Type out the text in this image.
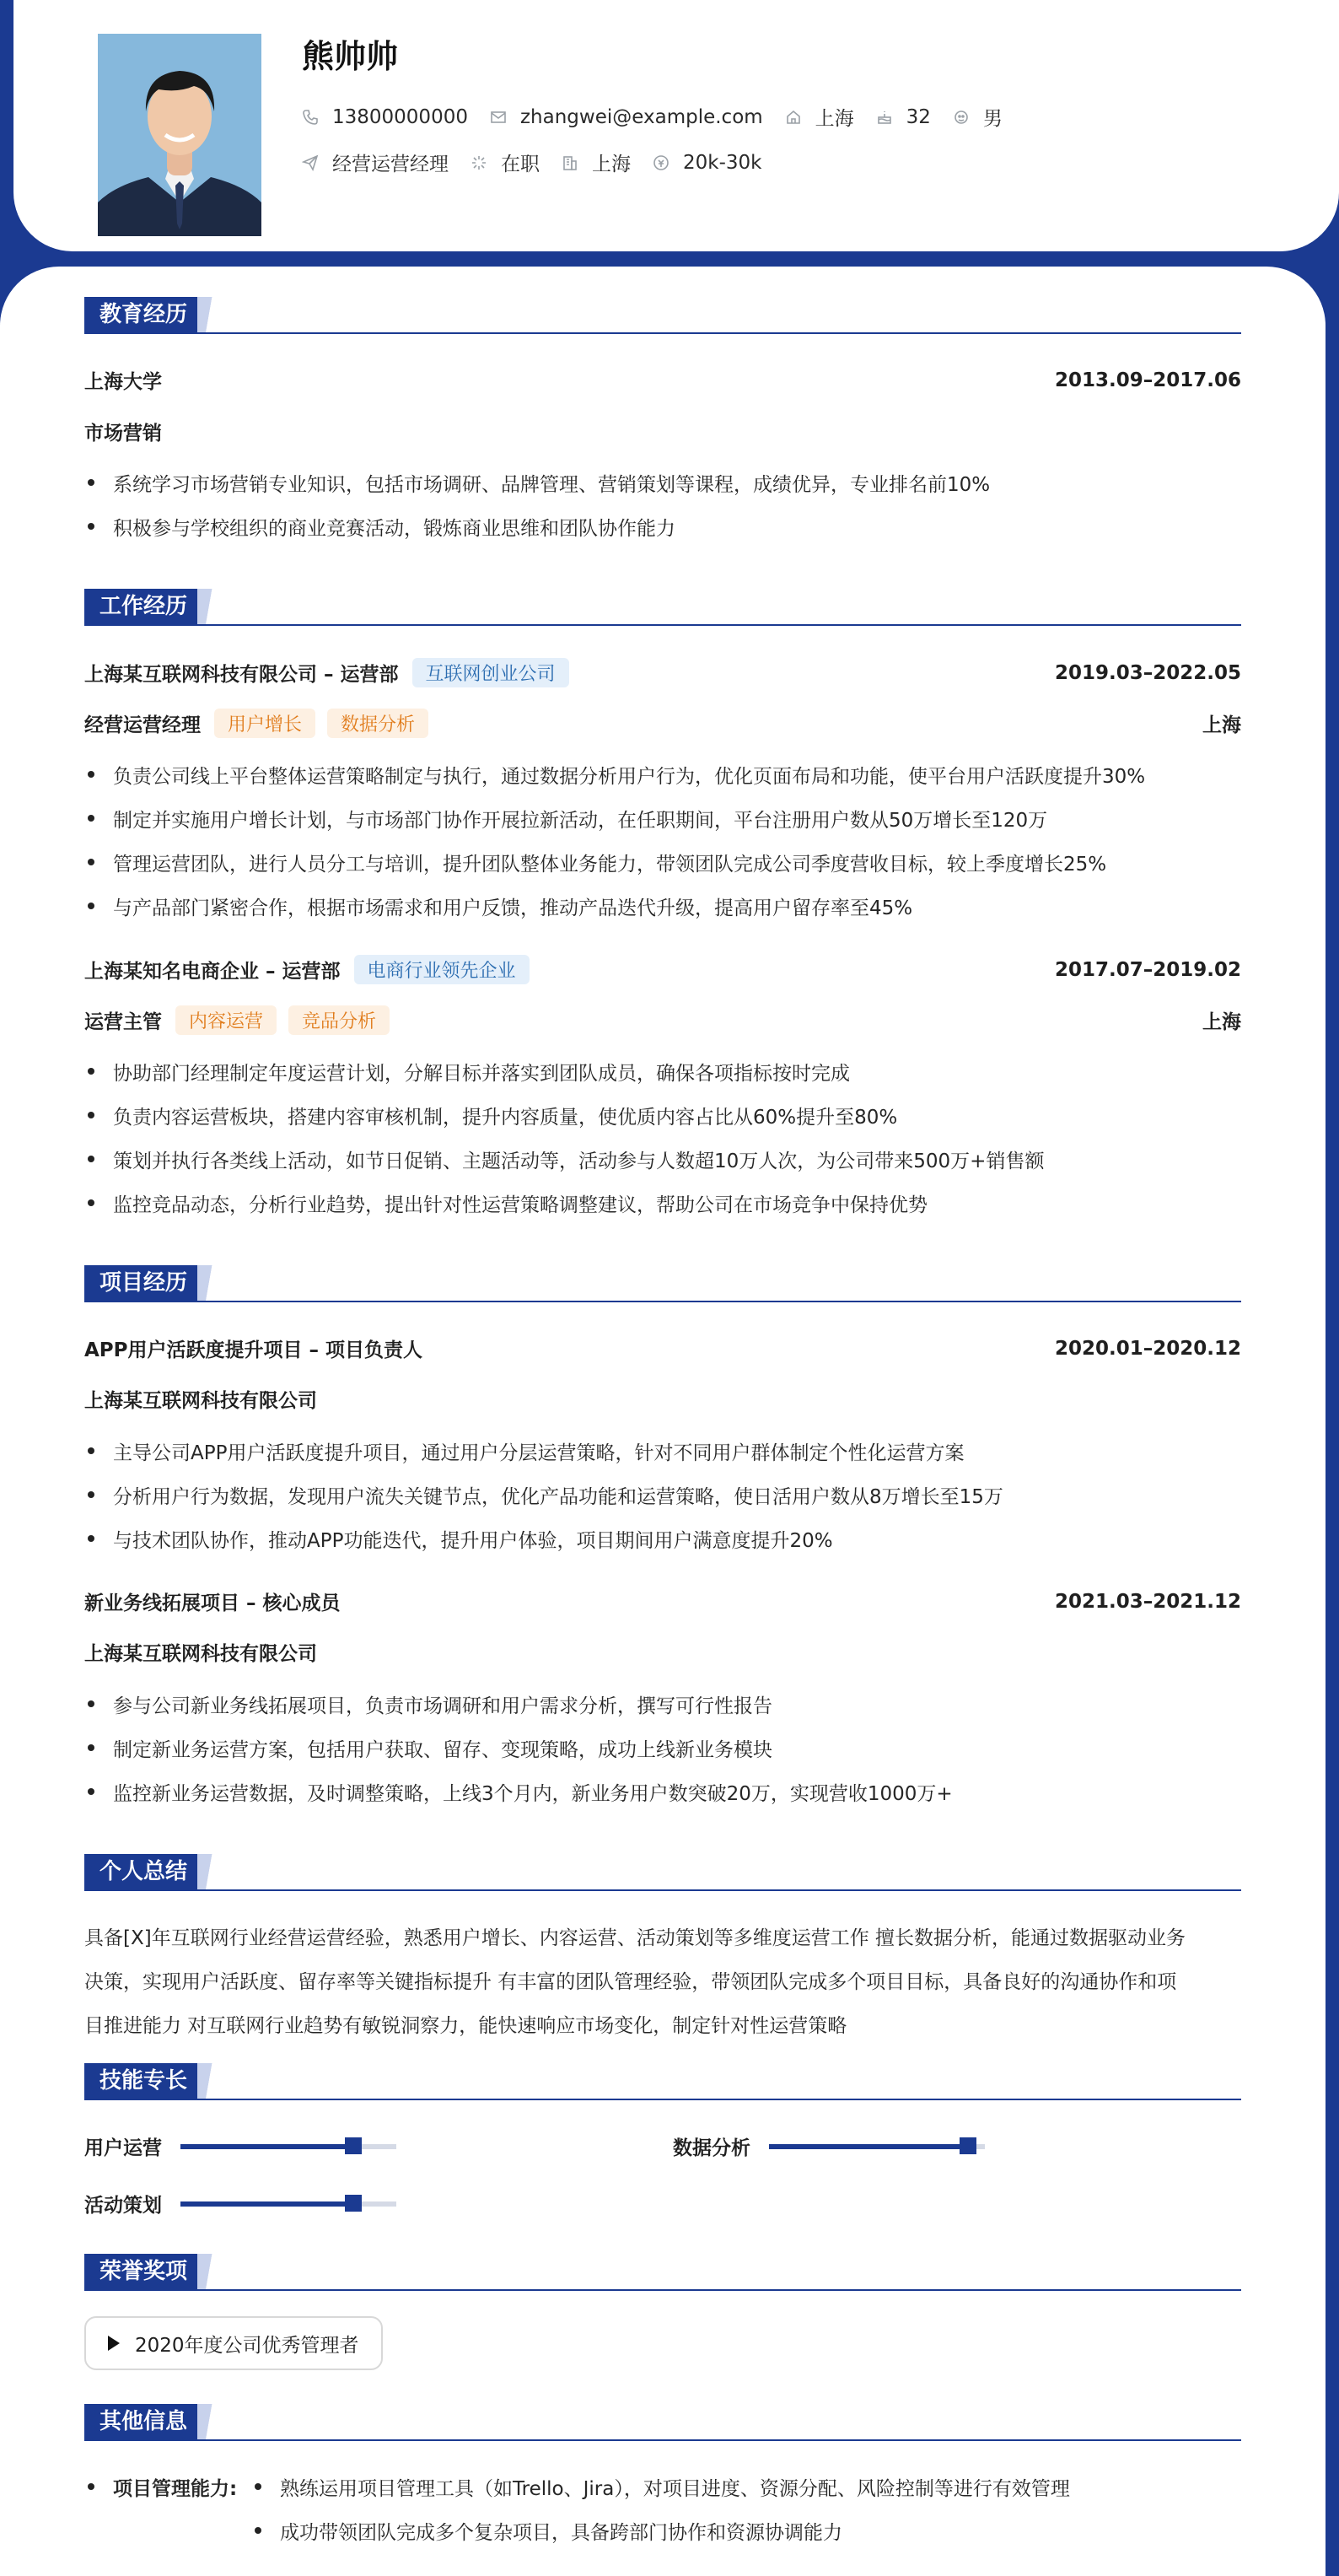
熊帅帅
13800000000	zhangwei@example.com	上海	32	男
经营运营经理	在职	上海	20k-30k
教育经历
上海大学	2013.09–2017.06
市场营销
系统学习市场营销专业知识，包括市场调研、品牌管理、营销策划等课程，成绩优异，专业排名前10%
积极参与学校组织的商业竞赛活动，锻炼商业思维和团队协作能力
工作经历
上海某互联网科技有限公司 – 运营部	互联网创业公司	2019.03–2022.05
经营运营经理	用户增长	数据分析	上海
负责公司线上平台整体运营策略制定与执行，通过数据分析用户行为，优化页面布局和功能，使平台用户活跃度提升30%
制定并实施用户增长计划，与市场部门协作开展拉新活动，在任职期间，平台注册用户数从50万增长至120万
管理运营团队，进行人员分工与培训，提升团队整体业务能力，带领团队完成公司季度营收目标，较上季度增长25%
与产品部门紧密合作，根据市场需求和用户反馈，推动产品迭代升级，提高用户留存率至45%
上海某知名电商企业 – 运营部	电商行业领先企业	2017.07–2019.02
运营主管	内容运营	竞品分析	上海
协助部门经理制定年度运营计划，分解目标并落实到团队成员，确保各项指标按时完成
负责内容运营板块，搭建内容审核机制，提升内容质量，使优质内容占比从60%提升至80%
策划并执行各类线上活动，如节日促销、主题活动等，活动参与人数超10万人次，为公司带来500万+销售额
监控竞品动态，分析行业趋势，提出针对性运营策略调整建议，帮助公司在市场竞争中保持优势
项目经历
APP用户活跃度提升项目 – 项目负责人	2020.01–2020.12
上海某互联网科技有限公司
主导公司APP用户活跃度提升项目，通过用户分层运营策略，针对不同用户群体制定个性化运营方案
分析用户行为数据，发现用户流失关键节点，优化产品功能和运营策略，使日活用户数从8万增长至15万
与技术团队协作，推动APP功能迭代，提升用户体验，项目期间用户满意度提升20%
新业务线拓展项目 – 核心成员	2021.03–2021.12
上海某互联网科技有限公司
参与公司新业务线拓展项目，负责市场调研和用户需求分析，撰写可行性报告
制定新业务运营方案，包括用户获取、留存、变现策略，成功上线新业务模块
监控新业务运营数据，及时调整策略，上线3个月内，新业务用户数突破20万，实现营收1000万+
个人总结
具备[X]年互联网行业经营运营经验，熟悉用户增长、内容运营、活动策划等多维度运营工作 擅长数据分析，能通过数据驱动业务
决策，实现用户活跃度、留存率等关键指标提升 有丰富的团队管理经验，带领团队完成多个项目目标，具备良好的沟通协作和项
目推进能力 对互联网行业趋势有敏锐洞察力，能快速响应市场变化，制定针对性运营策略
技能专长
用户运营	数据分析
活动策划
荣誉奖项
2020年度公司优秀管理者
其他信息
项目管理能力:	熟练运用项目管理工具（如Trello、Jira），对项目进度、资源分配、风险控制等进行有效管理
成功带领团队完成多个复杂项目，具备跨部门协作和资源协调能力
